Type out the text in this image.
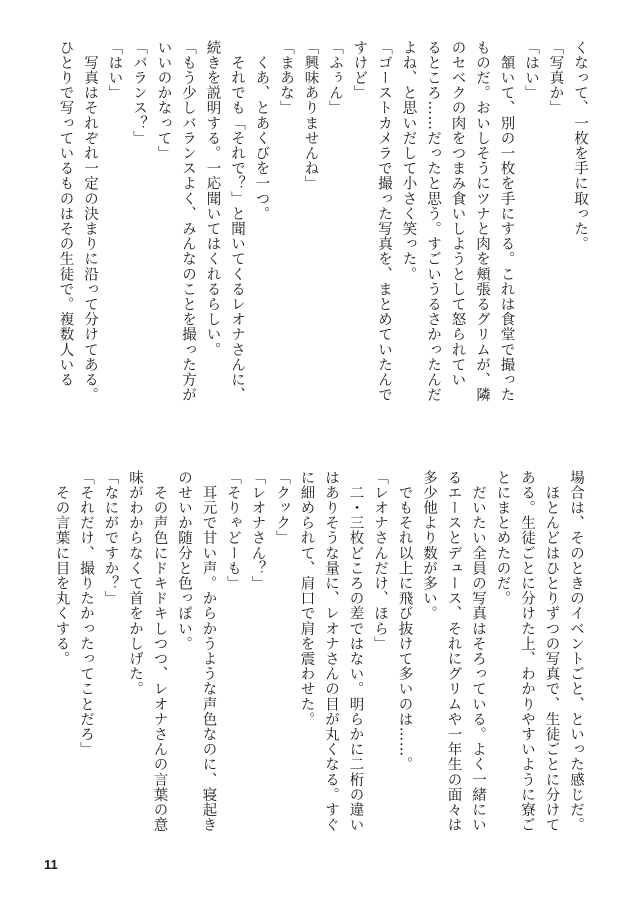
くなって、一枚を手に取った。
「写真か」
「はい」
　頷いて、別の一枚を手にする。これは食堂で撮った
ものだ。おいしそうにツナと肉を頬張るグリムが、隣
のセベクの肉をつまみ食いしようとして怒られてい
るところ……だったと思う。すごいうるさかったんだ
よね、と思いだして小さく笑った。
「ゴーストカメラで撮った写真を、まとめていたんで
すけど」
「ふぅん」
「興味ありませんね」
「まあな」
　くあ、とあくびを一つ。
　それでも「それで？」と聞いてくるレオナさんに、
続きを説明する。一応聞いてはくれるらしい。
「もう少しバランスよく、みんなのことを撮った方が
いいのかなって」
「バランス？」
「はい」
　写真はそれぞれ一定の決まりに沿って分けてある。
ひとりで写っているものはその生徒で。複数人いる
場合は、そのときのイベントごと、といった感じだ。
　ほとんどはひとりずつの写真で、生徒ごとに分けて
ある。生徒ごとに分けた上、わかりやすいように寮ご
とにまとめたのだ。
　だいたい全員の写真はそろっている。よく一緒にい
るエースとデュース、それにグリムや一年生の面々は
多少他より数が多い。
　でもそれ以上に飛び抜けて多いのは……。
「レオナさんだけ、ほら」
　二・三枚どころの差ではない。明らかに二桁の違い
はありそうな量に、レオナさんの目が丸くなる。すぐ
に細められて、肩口で肩を震わせた。
「クック」
「レオナさん？」
「そりゃどーも」
　耳元で甘い声。からかうような声色なのに、寝起き
のせいか随分と色っぽい。
　その声色にドキドキしつつ、レオナさんの言葉の意
味がわからなくて首をかしげた。
「なにがですか？」
「それだけ、撮りたかったってことだろ」
　その言葉に目を丸くする。
11
